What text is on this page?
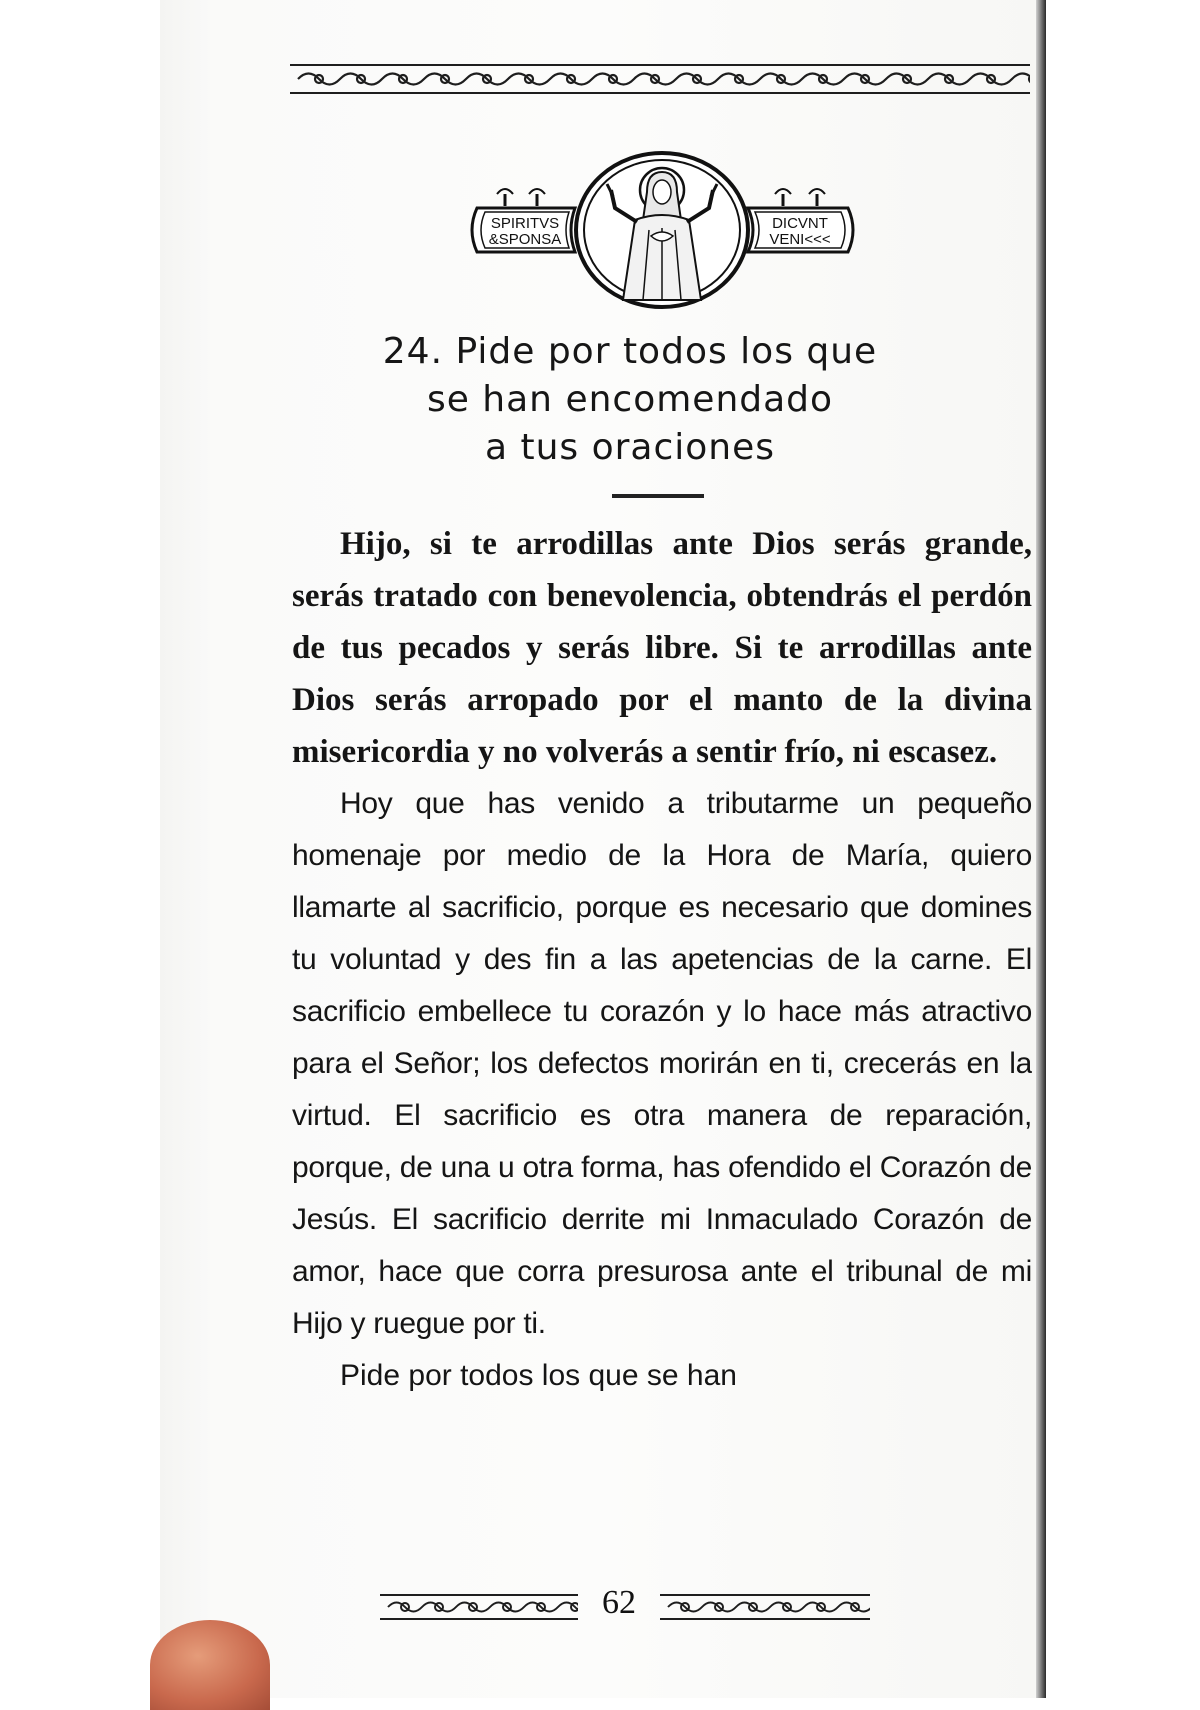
SPIRITVS
&SPONSA
DICVNT
VENI<<<
24. Pide por todos los que
se han encomendado
a tus oraciones

Hijo, si te arrodillas ante Dios serás grande, serás tratado con benevolencia, obtendrás el perdón de tus pecados y serás libre. Si te arrodillas ante Dios serás arropado por el manto de la divina misericordia y no volverás a sentir frío, ni escasez.

Hoy que has venido a tributarme un pequeño homenaje por medio de la Hora de María, quiero llamarte al sacrificio, porque es necesario que domines tu voluntad y des fin a las apetencias de la carne. El sacrificio embellece tu corazón y lo hace más atractivo para el Señor; los defectos morirán en ti, crecerás en la virtud. El sacrificio es otra manera de reparación, porque, de una u otra forma, has ofendido el Corazón de Jesús. El sacrificio derrite mi Inmaculado Corazón de amor, hace que corra presurosa ante el tribunal de mi Hijo y ruegue por ti.

Pide por todos los que se han

62
